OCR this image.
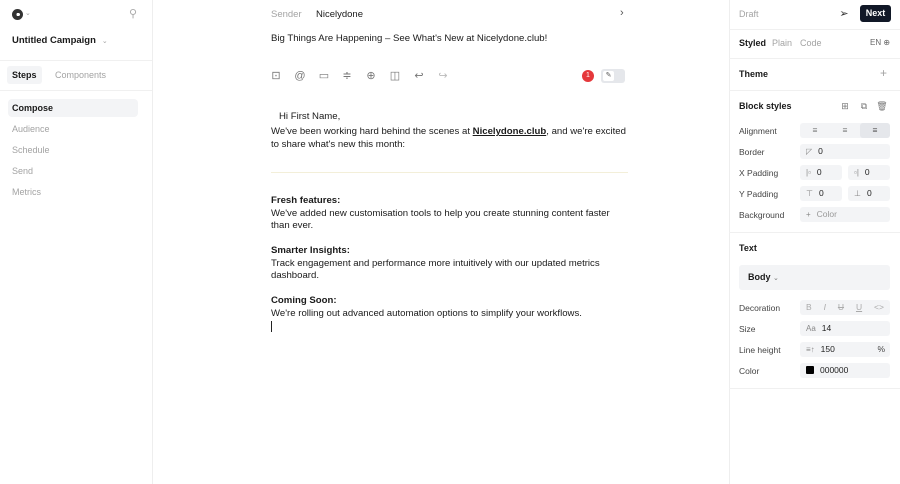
⌄	⚲
Untitled Campaign ⌄
Steps	Components
Compose
Audience
Schedule
Send
Metrics
Sender Nicelydone	›
Big Things Are Happening – See What's New at Nicelydone.club!
⊡ @ ▭ ≑ ⊕ ◫ ↩ ↪	1	✎
Hi First Name,
We've been working hard behind the scenes at Nicelydone.club, and we're excited to share what's new this month:
Fresh features:
We've added new customisation tools to help you create stunning content faster than ever.
Smarter Insights:
Track engagement and performance more intuitively with our updated metrics dashboard.
Coming Soon:
We're rolling out advanced automation options to simplify your workflows.
Draft	➢	Next
Styled Plain Code	EN ⊕
Theme	+
Block styles	⊞	⧉	🗑
Alignment	≡	≡	≡
Border	◸ 0
X Padding	|▫ 0	▫| 0
Y Padding	⊤ 0	⊥ 0
Background	+ Color
Text
Body ⌄
Decoration	B I U U <>
Size	Aa 14
Line height	≡↑ 150	%
Color	000000
